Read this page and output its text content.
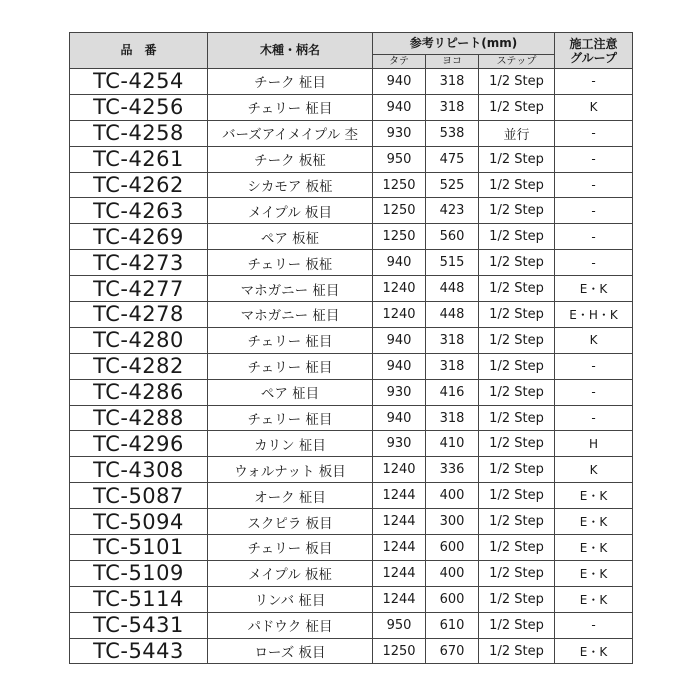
品　番	木種・柄名	参考リピート(mm)			施工注意
グループ
		タテ	ヨコ	ステップ	
TC-4254	チーク 柾目	940	318	1/2 Step	-
TC-4256	チェリー 柾目	940	318	1/2 Step	K
TC-4258	バーズアイメイプル 杢	930	538	並行	-
TC-4261	チーク 板柾	950	475	1/2 Step	-
TC-4262	シカモア 板柾	1250	525	1/2 Step	-
TC-4263	メイプル 板目	1250	423	1/2 Step	-
TC-4269	ペア 板柾	1250	560	1/2 Step	-
TC-4273	チェリー 板柾	940	515	1/2 Step	-
TC-4277	マホガニー 柾目	1240	448	1/2 Step	E・K
TC-4278	マホガニー 柾目	1240	448	1/2 Step	E・H・K
TC-4280	チェリー 柾目	940	318	1/2 Step	K
TC-4282	チェリー 柾目	940	318	1/2 Step	-
TC-4286	ペア 柾目	930	416	1/2 Step	-
TC-4288	チェリー 柾目	940	318	1/2 Step	-
TC-4296	カリン 柾目	930	410	1/2 Step	H
TC-4308	ウォルナット 板目	1240	336	1/2 Step	K
TC-5087	オーク 柾目	1244	400	1/2 Step	E・K
TC-5094	スクピラ 板目	1244	300	1/2 Step	E・K
TC-5101	チェリー 板目	1244	600	1/2 Step	E・K
TC-5109	メイプル 板柾	1244	400	1/2 Step	E・K
TC-5114	リンバ 柾目	1244	600	1/2 Step	E・K
TC-5431	パドウク 柾目	950	610	1/2 Step	-
TC-5443	ローズ 板目	1250	670	1/2 Step	E・K
